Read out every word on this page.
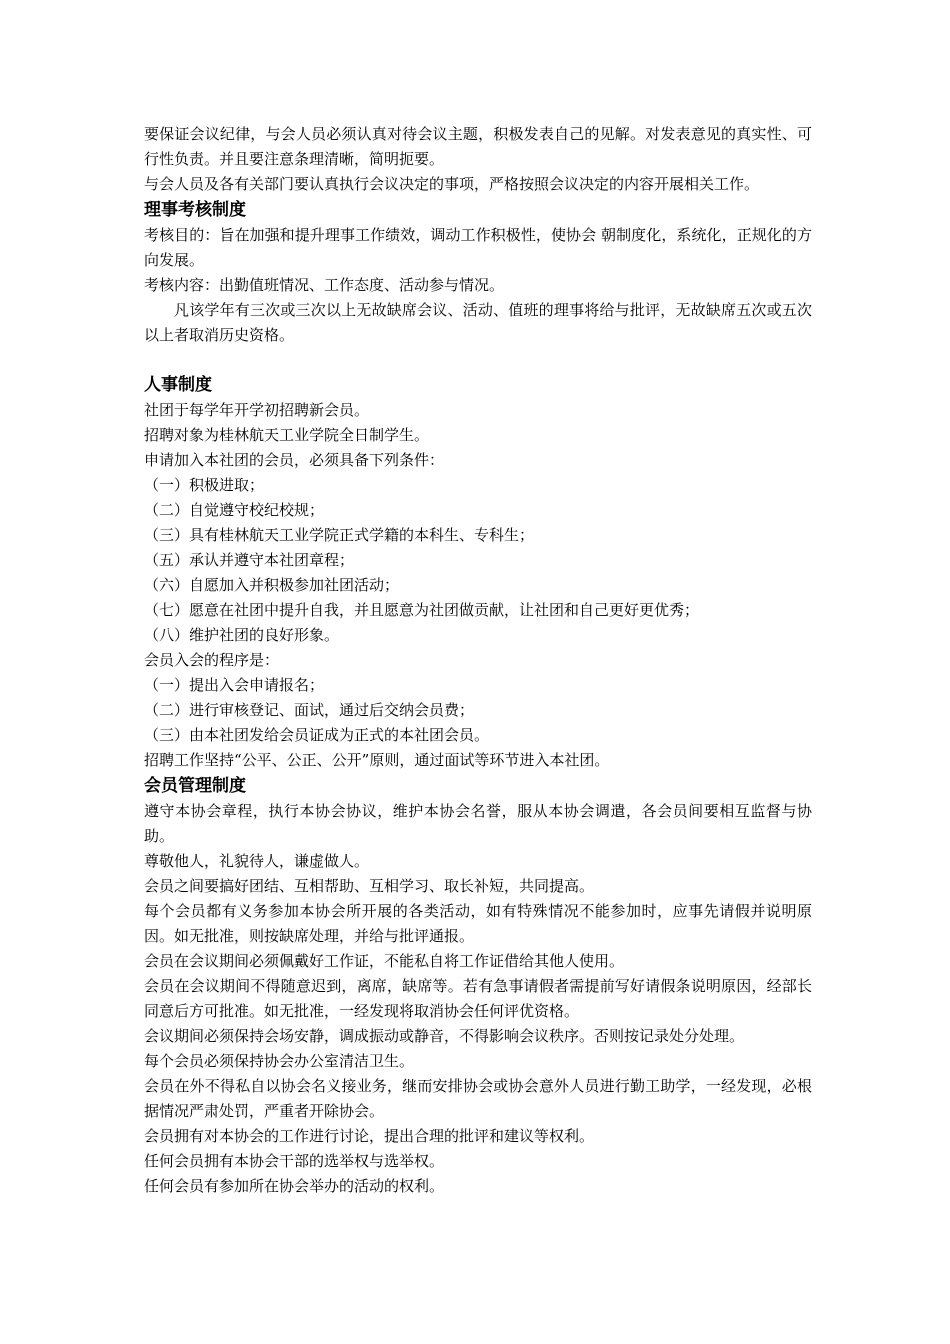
要保证会议纪律，与会人员必须认真对待会议主题，积极发表自己的见解。对发表意见的真实性、可行性负责。并且要注意条理清晰，简明扼要。

与会人员及各有关部门要认真执行会议决定的事项，严格按照会议决定的内容开展相关工作。

理事考核制度

考核目的：旨在加强和提升理事工作绩效，调动工作积极性，使协会 朝制度化，系统化，正规化的方向发展。

考核内容：出勤值班情况、工作态度、活动参与情况。

凡该学年有三次或三次以上无故缺席会议、活动、值班的理事将给与批评，无故缺席五次或五次以上者取消历史资格。

人事制度

社团于每学年开学初招聘新会员。

招聘对象为桂林航天工业学院全日制学生。

申请加入本社团的会员，必须具备下列条件：

（一）积极进取；

（二）自觉遵守校纪校规；

（三）具有桂林航天工业学院正式学籍的本科生、专科生；

（五）承认并遵守本社团章程；

（六）自愿加入并积极参加社团活动；

（七）愿意在社团中提升自我，并且愿意为社团做贡献，让社团和自己更好更优秀；

（八）维护社团的良好形象。

会员入会的程序是：

（一）提出入会申请报名；

（二）进行审核登记、面试，通过后交纳会员费；

（三）由本社团发给会员证成为正式的本社团会员。

招聘工作坚持“公平、公正、公开”原则，通过面试等环节进入本社团。

会员管理制度

遵守本协会章程，执行本协会协议，维护本协会名誉，服从本协会调遣，各会员间要相互监督与协助。

尊敬他人，礼貌待人，谦虚做人。

会员之间要搞好团结、互相帮助、互相学习、取长补短，共同提高。

每个会员都有义务参加本协会所开展的各类活动，如有特殊情况不能参加时，应事先请假并说明原因。如无批准，则按缺席处理，并给与批评通报。

会员在会议期间必须佩戴好工作证，不能私自将工作证借给其他人使用。

会员在会议期间不得随意迟到，离席，缺席等。若有急事请假者需提前写好请假条说明原因，经部长同意后方可批准。如无批准，一经发现将取消协会任何评优资格。

会议期间必须保持会场安静，调成振动或静音，不得影响会议秩序。否则按记录处分处理。

每个会员必须保持协会办公室清洁卫生。

会员在外不得私自以协会名义接业务，继而安排协会或协会意外人员进行勤工助学，一经发现，必根据情况严肃处罚，严重者开除协会。

会员拥有对本协会的工作进行讨论，提出合理的批评和建议等权利。

任何会员拥有本协会干部的选举权与选举权。

任何会员有参加所在协会举办的活动的权利。
